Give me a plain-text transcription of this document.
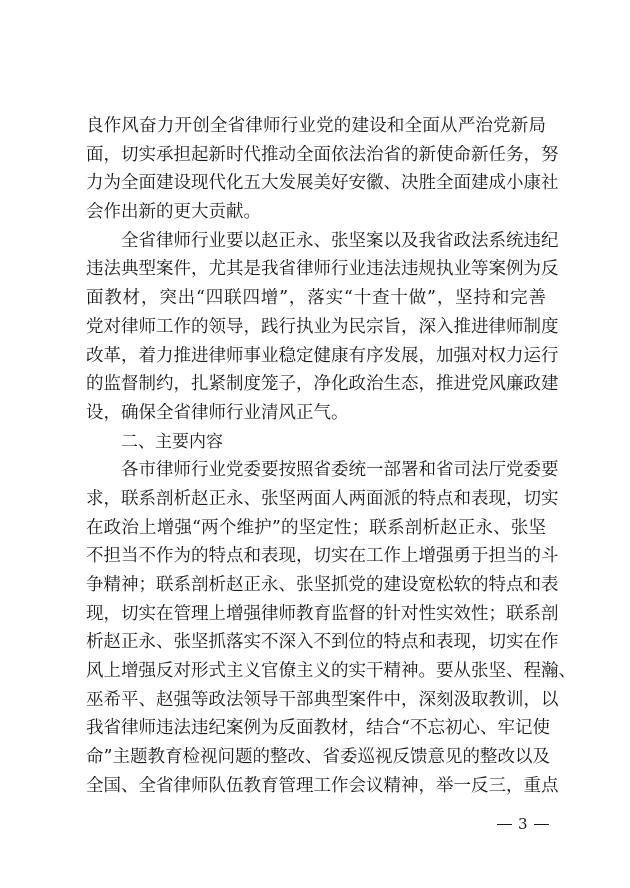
良作风奋力开创全省律师行业党的建设和全面从严治党新局
面，切实承担起新时代推动全面依法治省的新使命新任务，努
力为全面建设现代化五大发展美好安徽、决胜全面建成小康社
会作出新的更大贡献。
全省律师行业要以赵正永、张坚案以及我省政法系统违纪
违法典型案件，尤其是我省律师行业违法违规执业等案例为反
面教材，突出“四联四增”，落实“十查十做”，坚持和完善
党对律师工作的领导，践行执业为民宗旨，深入推进律师制度
改革，着力推进律师事业稳定健康有序发展，加强对权力运行
的监督制约，扎紧制度笼子，净化政治生态，推进党风廉政建
设，确保全省律师行业清风正气。
二、主要内容
各市律师行业党委要按照省委统一部署和省司法厅党委要
求，联系剖析赵正永、张坚两面人两面派的特点和表现，切实
在政治上增强“两个维护”的坚定性；联系剖析赵正永、张坚
不担当不作为的特点和表现，切实在工作上增强勇于担当的斗
争精神；联系剖析赵正永、张坚抓党的建设宽松软的特点和表
现，切实在管理上增强律师教育监督的针对性实效性；联系剖
析赵正永、张坚抓落实不深入不到位的特点和表现，切实在作
风上增强反对形式主义官僚主义的实干精神。要从张坚、程瀚、
巫希平、赵强等政法领导干部典型案件中，深刻汲取教训，以
我省律师违法违纪案例为反面教材，结合“不忘初心、牢记使
命”主题教育检视问题的整改、省委巡视反馈意见的整改以及
全国、全省律师队伍教育管理工作会议精神，举一反三，重点
3
